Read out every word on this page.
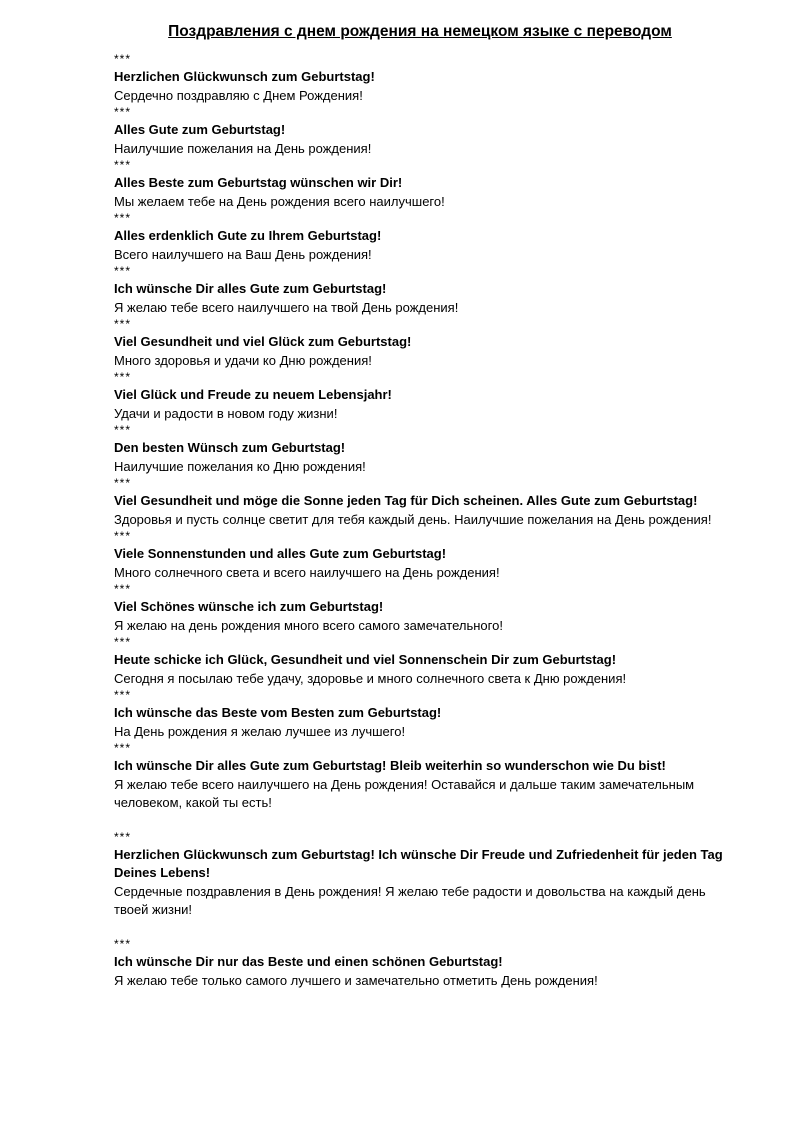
Поздравления с днем рождения на немецком языке с переводом
***
Herzlichen Glückwunsch zum Geburtstag!
Сердечно поздравляю с Днем Рождения!
***
Alles Gute zum Geburtstag!
Наилучшие пожелания на День рождения!
***
Alles Beste zum Geburtstag wünschen wir Dir!
Мы желаем тебе на День рождения всего наилучшего!
***
Alles erdenklich Gute zu Ihrem Geburtstag!
Всего наилучшего на Ваш День рождения!
***
Ich wünsche Dir alles Gute zum Geburtstag!
Я желаю тебе всего наилучшего на твой День рождения!
***
Viel Gesundheit und viel Glück zum Geburtstag!
Много здоровья и удачи ко Дню рождения!
***
Viel Glück und Freude zu neuem Lebensjahr!
Удачи и радости в новом году жизни!
***
Den besten Wünsch zum Geburtstag!
Наилучшие пожелания ко Дню рождения!
***
Viel Gesundheit und möge die Sonne jeden Tag für Dich scheinen. Alles Gute zum Geburtstag!
Здоровья и пусть солнце светит для тебя каждый день. Наилучшие пожелания на День рождения!
***
Viele Sonnenstunden und alles Gute zum Geburtstag!
Много солнечного света и всего наилучшего на День рождения!
***
Viel Schönes wünsche ich zum Geburtstag!
Я желаю на день рождения много всего самого замечательного!
***
Heute schicke ich Glück, Gesundheit und viel Sonnenschein Dir zum Geburtstag!
Сегодня я посылаю тебе удачу, здоровье и много солнечного света к Дню рождения!
***
Ich wünsche das Beste vom Besten zum Geburtstag!
На День рождения я желаю лучшее из лучшего!
***
Ich wünsche Dir alles Gute zum Geburtstag! Bleib weiterhin so wunderschon wie Du bist!
Я желаю тебе всего наилучшего на День рождения! Оставайся и дальше таким замечательным человеком, какой ты есть!
***
Herzlichen Glückwunsch zum Geburtstag! Ich wünsche Dir Freude und Zufriedenheit für jeden Tag Deines Lebens!
Сердечные поздравления в День рождения! Я желаю тебе радости и довольства на каждый день твоей жизни!
***
Ich wünsche Dir nur das Beste und einen schönen Geburtstag!
Я желаю тебе только самого лучшего и замечательно отметить День рождения!
